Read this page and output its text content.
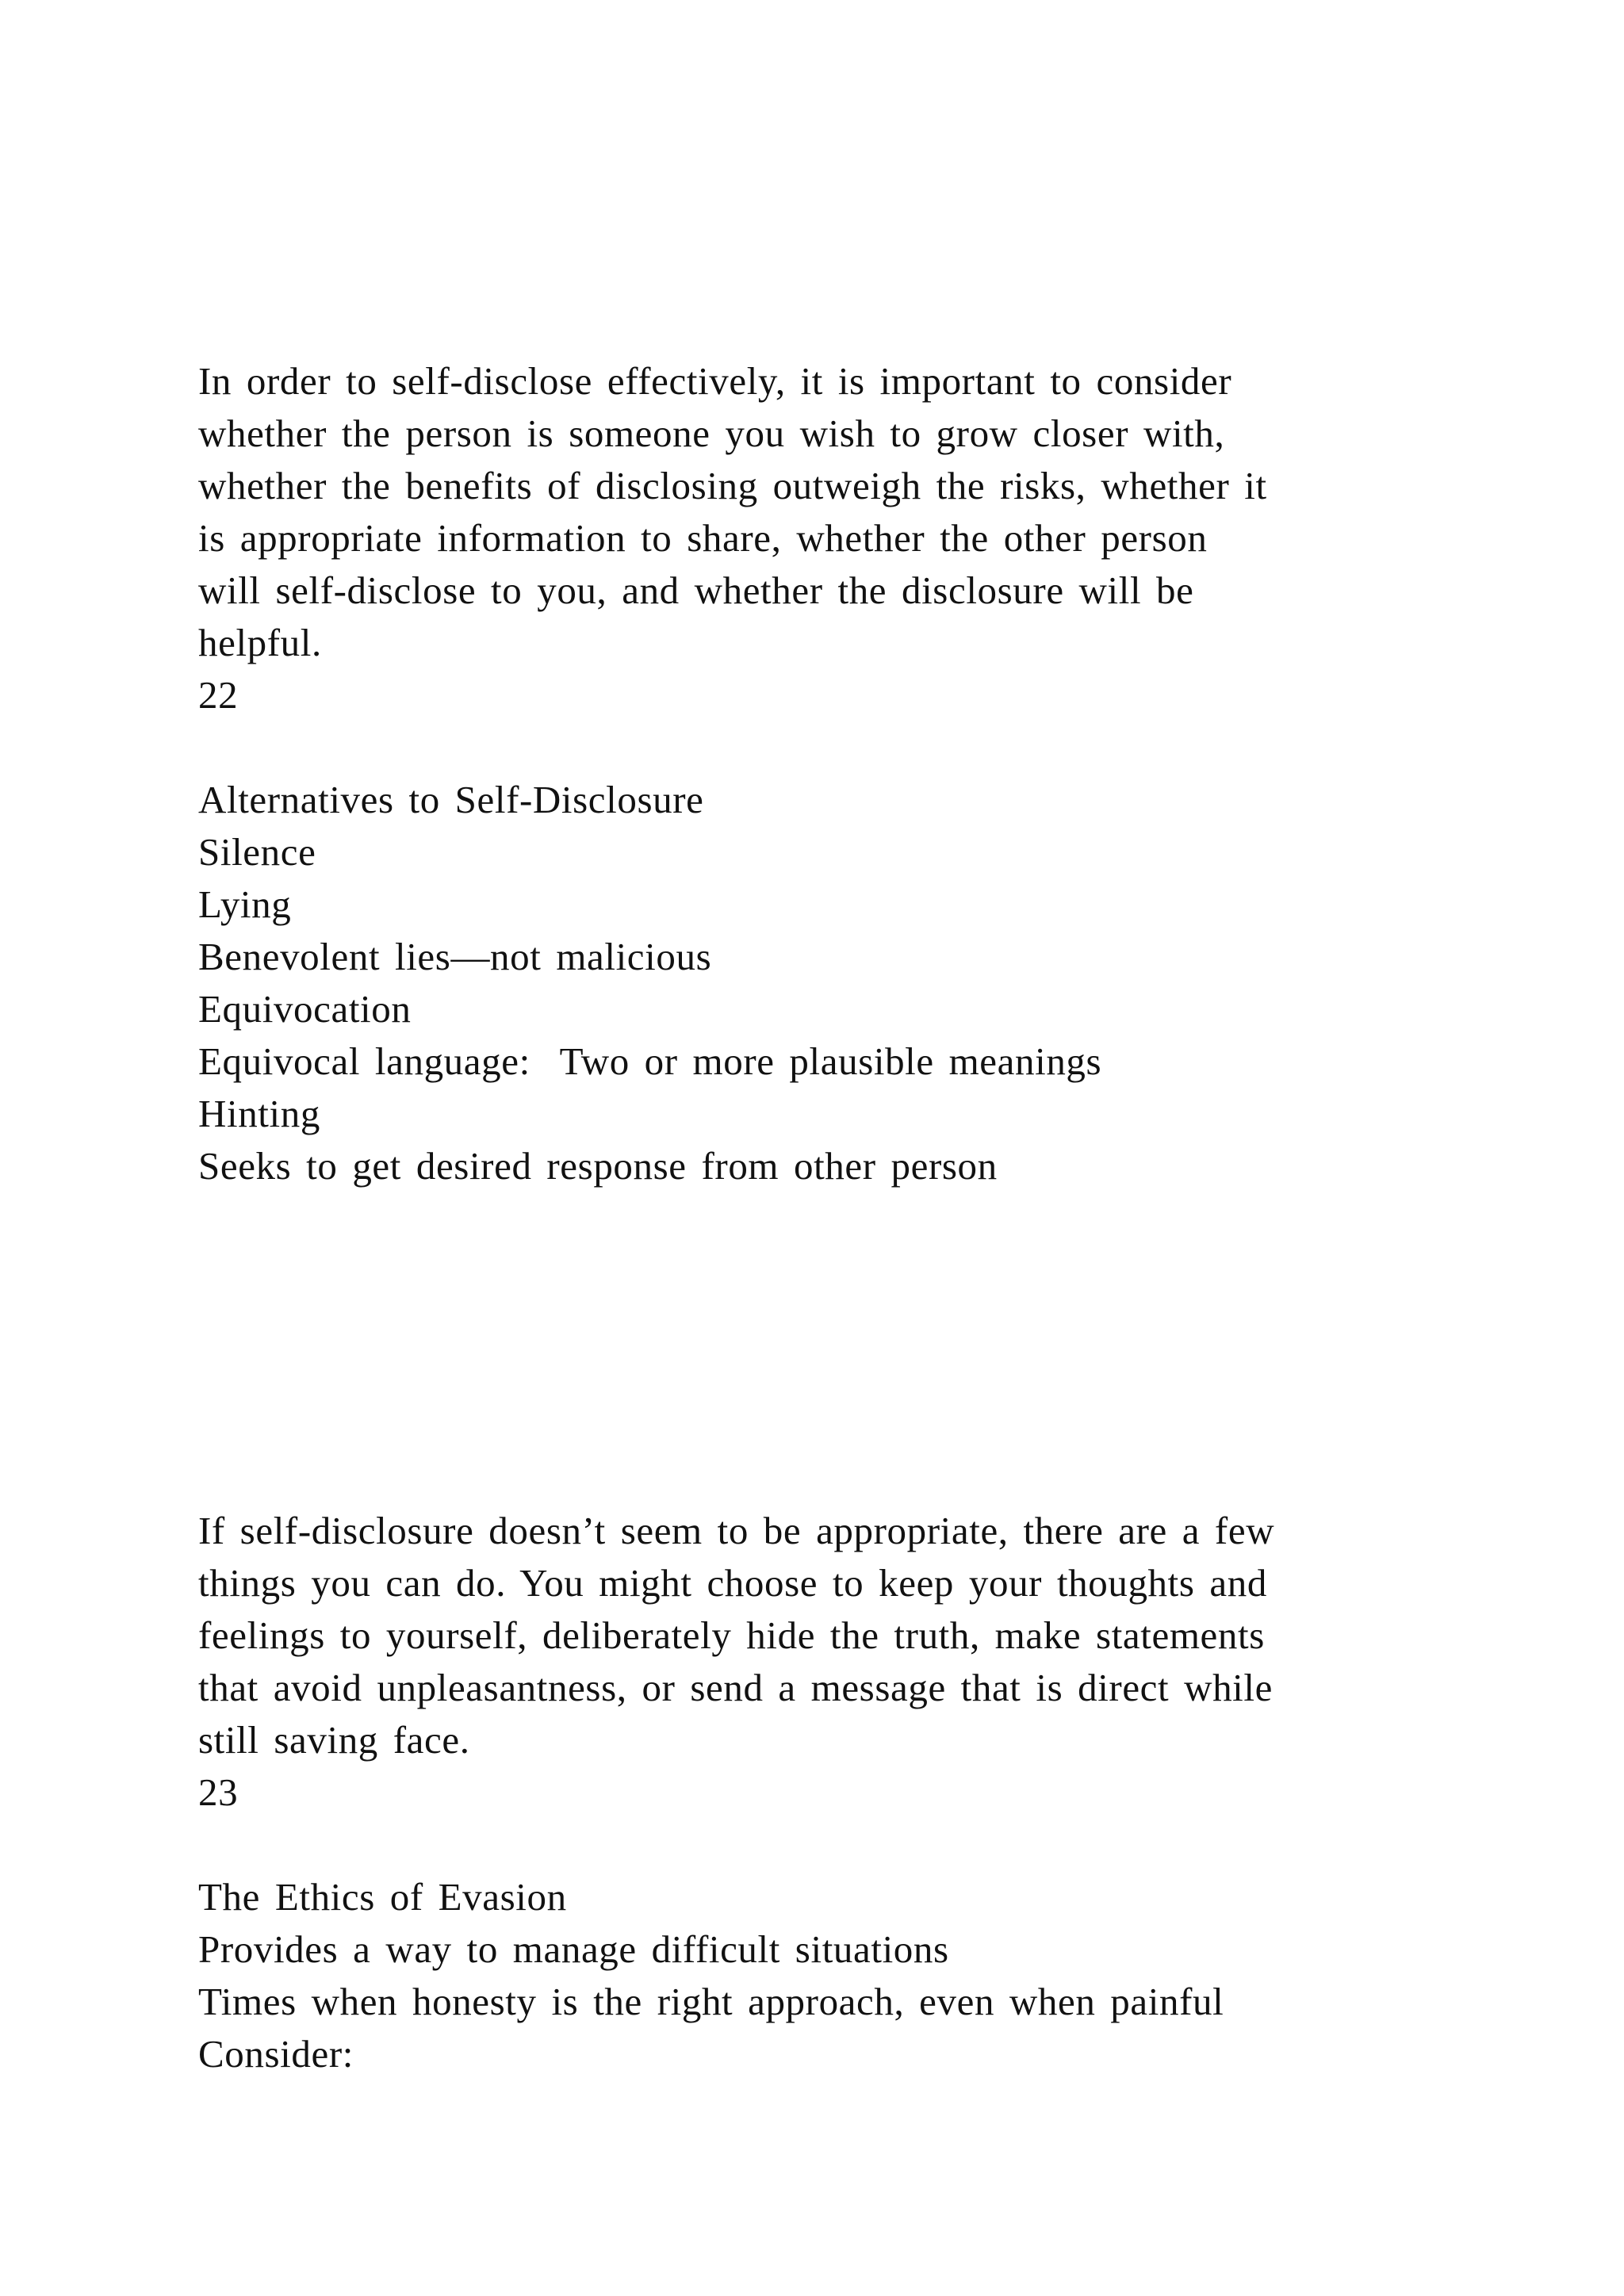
In order to self-disclose effectively, it is important to consider

whether the person is someone you wish to grow closer with,

whether the benefits of disclosing outweigh the risks, whether it

is appropriate information to share, whether the other person

will self-disclose to you, and whether the disclosure will be

helpful.

22

Alternatives to Self-Disclosure

Silence

Lying

Benevolent lies—not malicious

Equivocation

Equivocal language:  Two or more plausible meanings

Hinting

Seeks to get desired response from other person

If self-disclosure doesn’t seem to be appropriate, there are a few

things you can do. You might choose to keep your thoughts and

feelings to yourself, deliberately hide the truth, make statements

that avoid unpleasantness, or send a message that is direct while

still saving face.

23

The Ethics of Evasion

Provides a way to manage difficult situations

Times when honesty is the right approach, even when painful

Consider:
